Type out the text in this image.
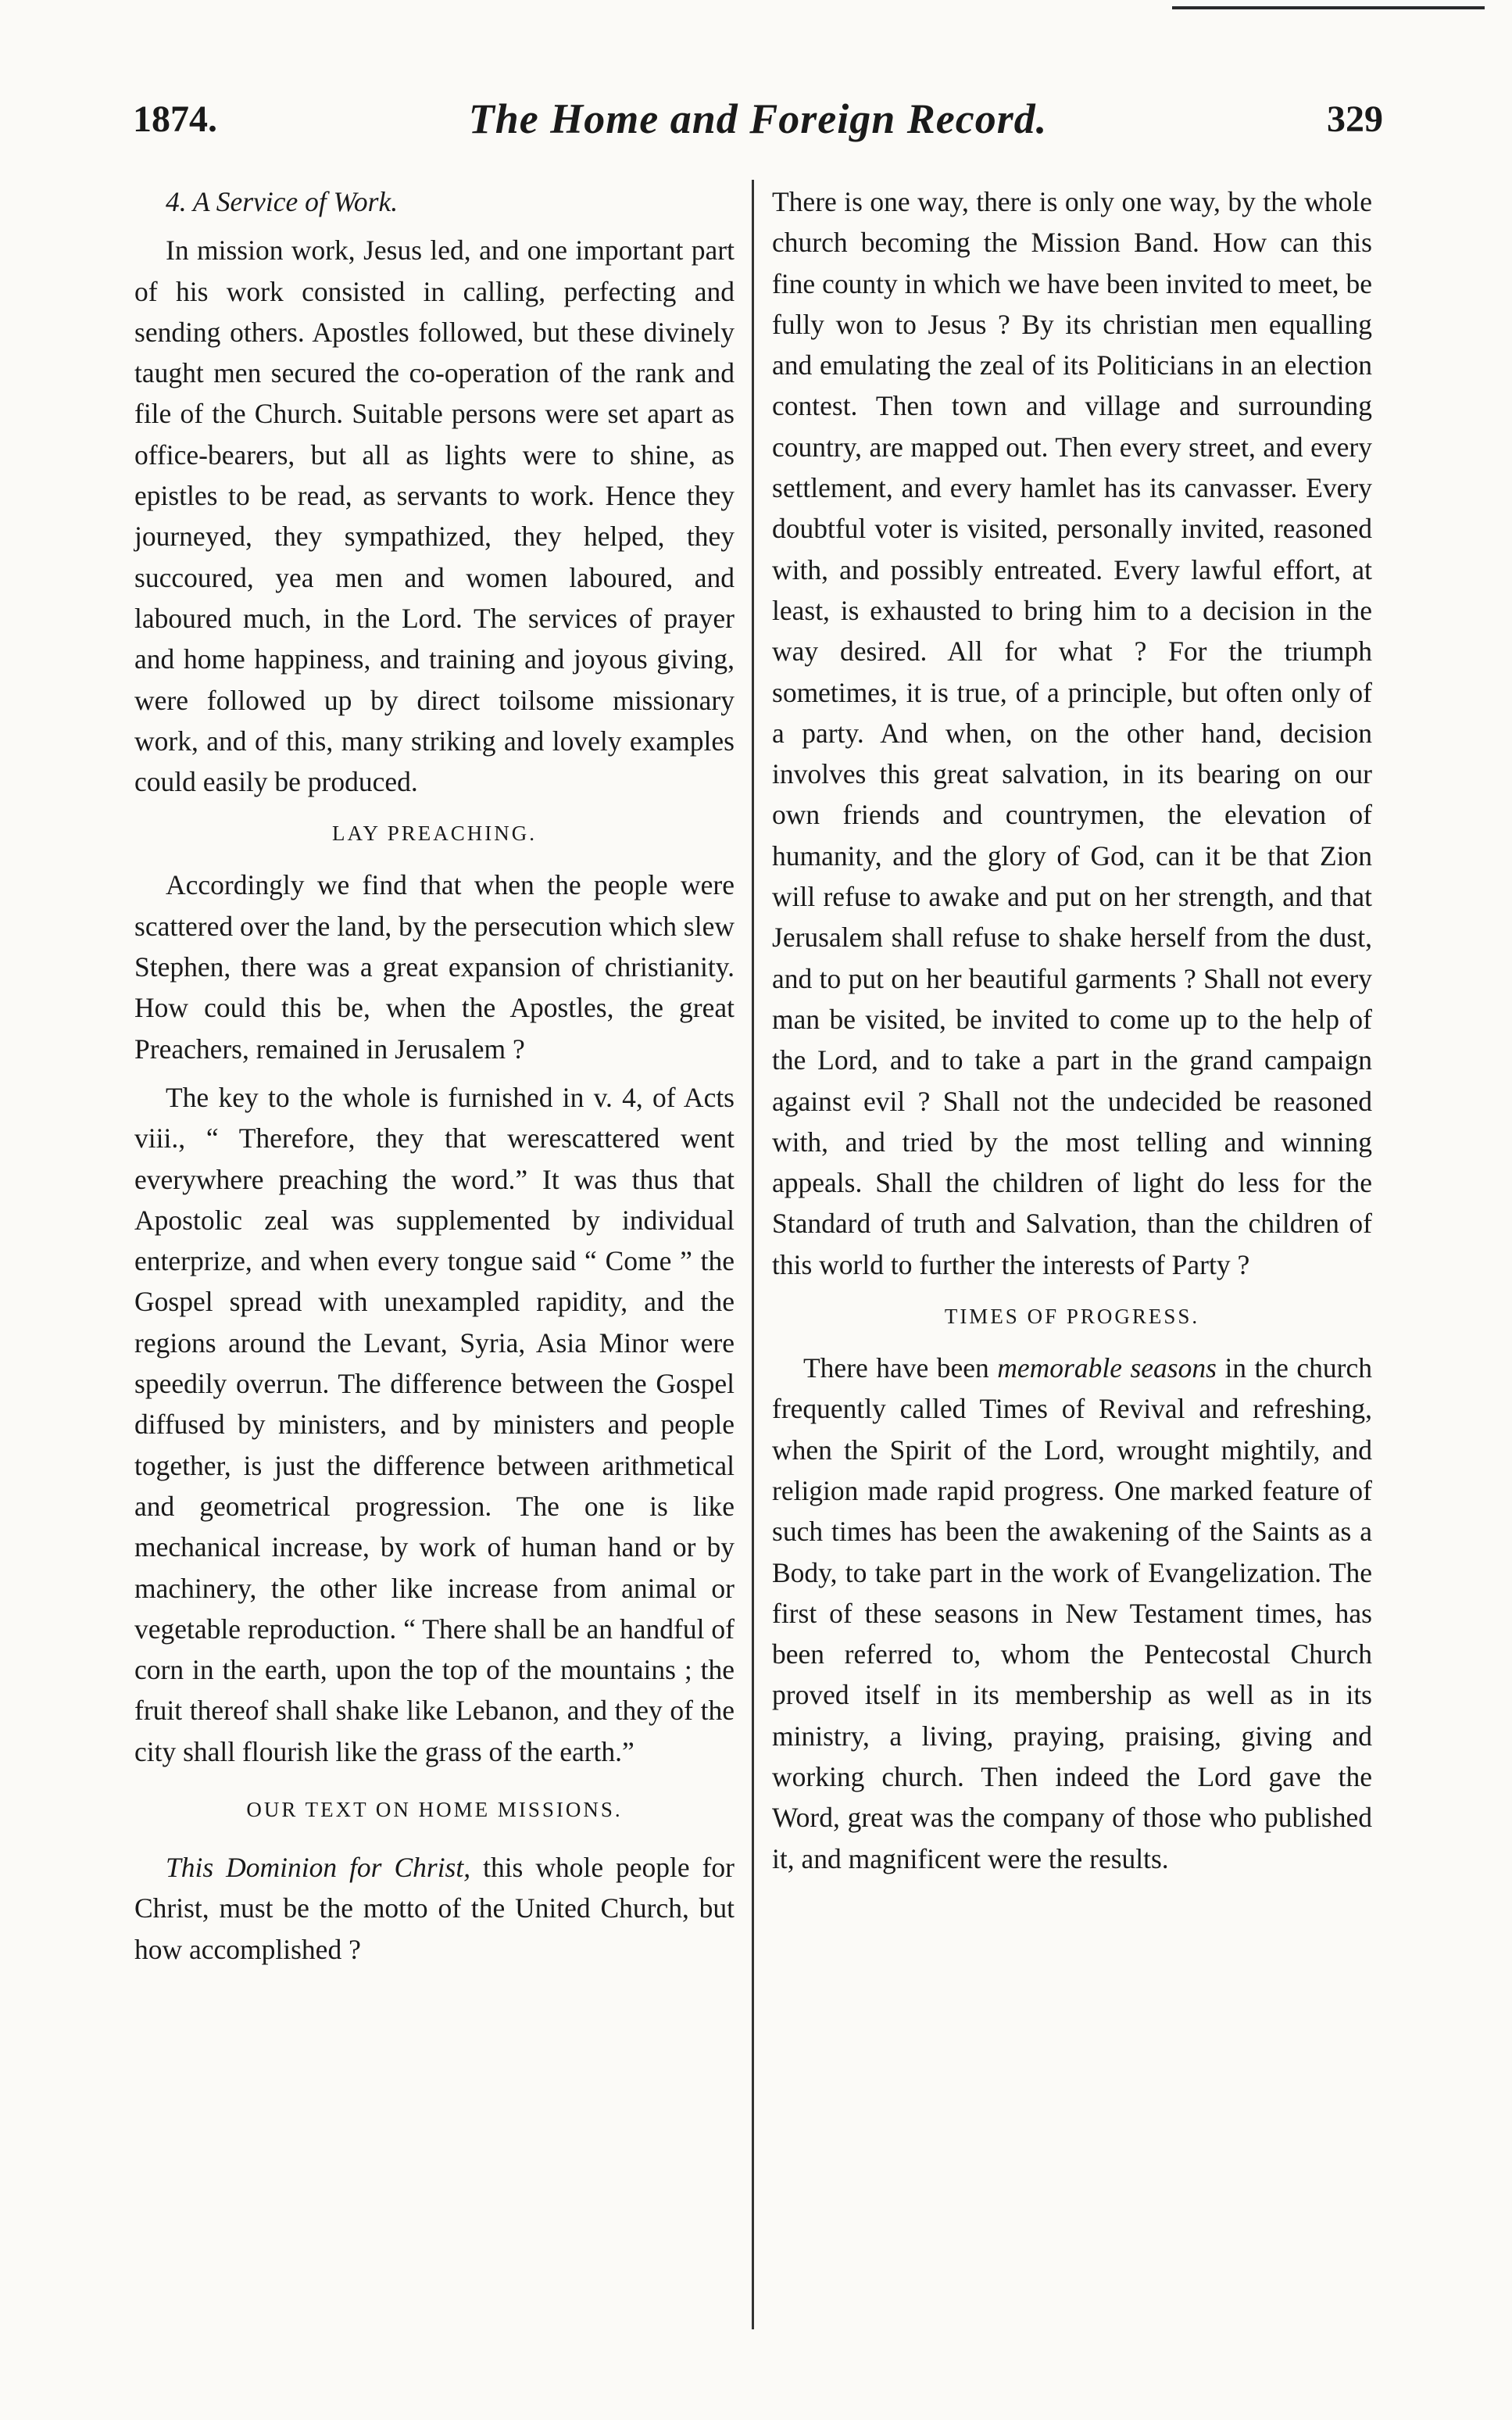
1874.	The Home and Foreign Record.	329

4. A Service of Work.

In mission work, Jesus led, and one important part of his work consisted in calling, perfecting and sending others. Apostles followed, but these divinely taught men secured the co-operation of the rank and file of the Church. Suitable persons were set apart as office-bearers, but all as lights were to shine, as epistles to be read, as servants to work. Hence they journeyed, they sympathized, they helped, they succoured, yea men and women laboured, and laboured much, in the Lord. The services of prayer and home happiness, and training and joyous giving, were followed up by direct toilsome missionary work, and of this, many striking and lovely examples could easily be produced.

LAY PREACHING.

Accordingly we find that when the people were scattered over the land, by the persecution which slew Stephen, there was a great expansion of christianity. How could this be, when the Apostles, the great Preachers, remained in Jerusalem ?

The key to the whole is furnished in v. 4, of Acts viii., “ Therefore, they that werescattered went everywhere preaching the word.” It was thus that Apostolic zeal was supplemented by individual enterprize, and when every tongue said “ Come ” the Gospel spread with unexampled rapidity, and the regions around the Levant, Syria, Asia Minor were speedily overrun. The difference between the Gospel diffused by ministers, and by ministers and people together, is just the difference between arithmetical and geometrical progression. The one is like mechanical increase, by work of human hand or by machinery, the other like increase from animal or vegetable reproduction. “ There shall be an handful of corn in the earth, upon the top of the mountains ; the fruit thereof shall shake like Lebanon, and they of the city shall flourish like the grass of the earth.”

OUR TEXT ON HOME MISSIONS.

This Dominion for Christ, this whole people for Christ, must be the motto of the United Church, but how accomplished ?

There is one way, there is only one way, by the whole church becoming the Mission Band. How can this fine county in which we have been invited to meet, be fully won to Jesus ? By its christian men equalling and emulating the zeal of its Politicians in an election contest. Then town and village and surrounding country, are mapped out. Then every street, and every settlement, and every hamlet has its canvasser. Every doubtful voter is visited, personally invited, reasoned with, and possibly entreated. Every lawful effort, at least, is exhausted to bring him to a decision in the way desired. All for what ? For the triumph sometimes, it is true, of a principle, but often only of a party. And when, on the other hand, decision involves this great salvation, in its bearing on our own friends and countrymen, the elevation of humanity, and the glory of God, can it be that Zion will refuse to awake and put on her strength, and that Jerusalem shall refuse to shake herself from the dust, and to put on her beautiful garments ? Shall not every man be visited, be invited to come up to the help of the Lord, and to take a part in the grand campaign against evil ? Shall not the undecided be reasoned with, and tried by the most telling and winning appeals. Shall the children of light do less for the Standard of truth and Salvation, than the children of this world to further the interests of Party ?

TIMES OF PROGRESS.

There have been memorable seasons in the church frequently called Times of Revival and refreshing, when the Spirit of the Lord, wrought mightily, and religion made rapid progress. One marked feature of such times has been the awakening of the Saints as a Body, to take part in the work of Evangelization. The first of these seasons in New Testament times, has been referred to, whom the Pentecostal Church proved itself in its membership as well as in its ministry, a living, praying, praising, giving and working church. Then indeed the Lord gave the Word, great was the company of those who published it, and magnificent were the results.
